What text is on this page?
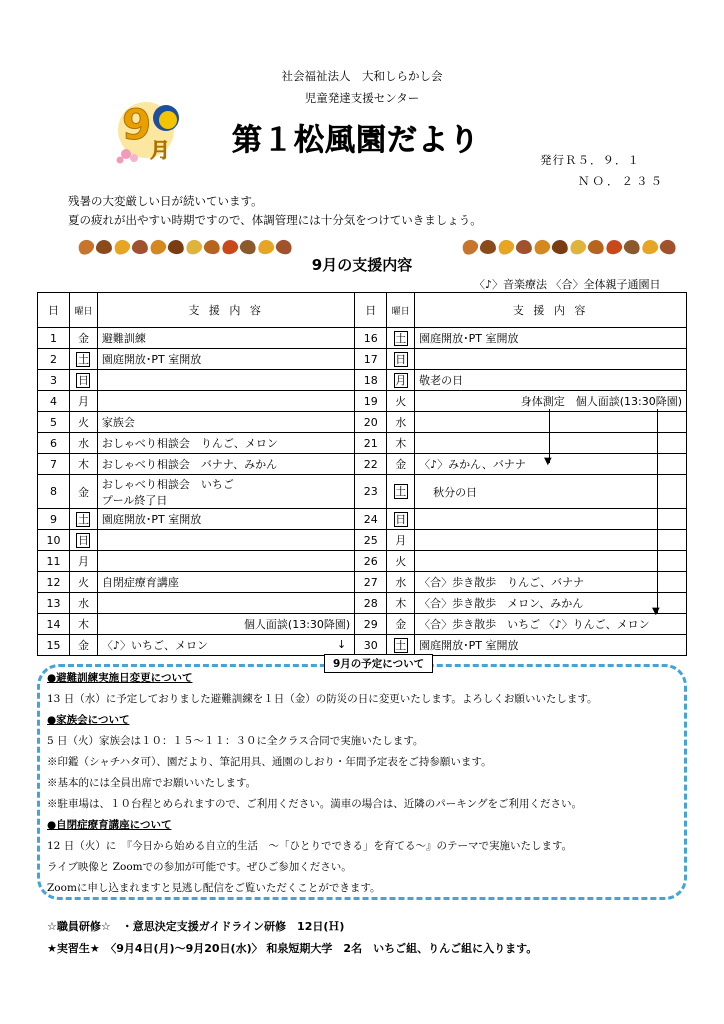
社会福祉法人　大和しらかし会
児童発達支援センター
9
月 第１松風園だより
発行Ｒ５．９．１
ＮＯ．２３５
残暑の大変厳しい日が続いています。
夏の疲れが出やすい時期ですので、体調管理には十分気をつけていきましょう。
9月の支援内容
〈♪〉音楽療法 〈合〉全体親子通園日
日	曜日	支 援 内 容	日	曜日	支 援 内 容
1	金	避難訓練	16	土	園庭開放･PT 室開放
2	土	園庭開放･PT 室開放	17	日	
3	日		18	月	敬老の日
4	月		19	火	身体測定　個人面談(13:30降園)
5	火	家族会	20	水	
6	水	おしゃべり相談会　りんご、メロン	21	木	
7	木	おしゃべり相談会　バナナ、みかん	22	金	〈♪〉みかん、バナナ
8	金	おしゃべり相談会　いちご
プール終了日	23	土	秋分の日
9	土	園庭開放･PT 室開放	24	日	
10	日		25	月	
11	月		26	火	
12	火	自閉症療育講座	27	水	〈合〉歩き散歩　りんご、バナナ
13	水		28	木	〈合〉歩き散歩　メロン、みかん
14	木	個人面談(13:30降園)	29	金	〈合〉歩き散歩　いちご 〈♪〉りんご、メロン
15	金	〈♪〉いちご、メロン ↓	30	土	園庭開放･PT 室開放
▼
▼
9月の予定について
●避難訓練実施日変更について
13 日（水）に予定しておりました避難訓練を１日（金）の防災の日に変更いたします。よろしくお願いいたします。
●家族会について
5 日（火）家族会は１０：１５～１１：３０に全クラス合同で実施いたします。
※印鑑（シャチハタ可）、園だより、筆記用具、通園のしおり・年間予定表をご持参願います。
※基本的には全員出席でお願いいたします。
※駐車場は、１０台程とめられますので、ご利用ください。満車の場合は、近隣のパーキングをご利用ください。
●自閉症療育講座について
12 日（火）に　『今日から始める自立的生活　～「ひとりでできる」を育てる～』のテーマで実施いたします。
ライブ映像と Zoomでの参加が可能です。ぜひご参加ください。
Zoomに申し込まれますと見逃し配信をご覧いただくことができます。
☆職員研修☆　・意思決定支援ガイドライン研修　12日(Ｈ)
★実習生★　〈9月4日(月)～9月20日(水)〉 和泉短期大学　2名　いちご組、りんご組に入ります。
